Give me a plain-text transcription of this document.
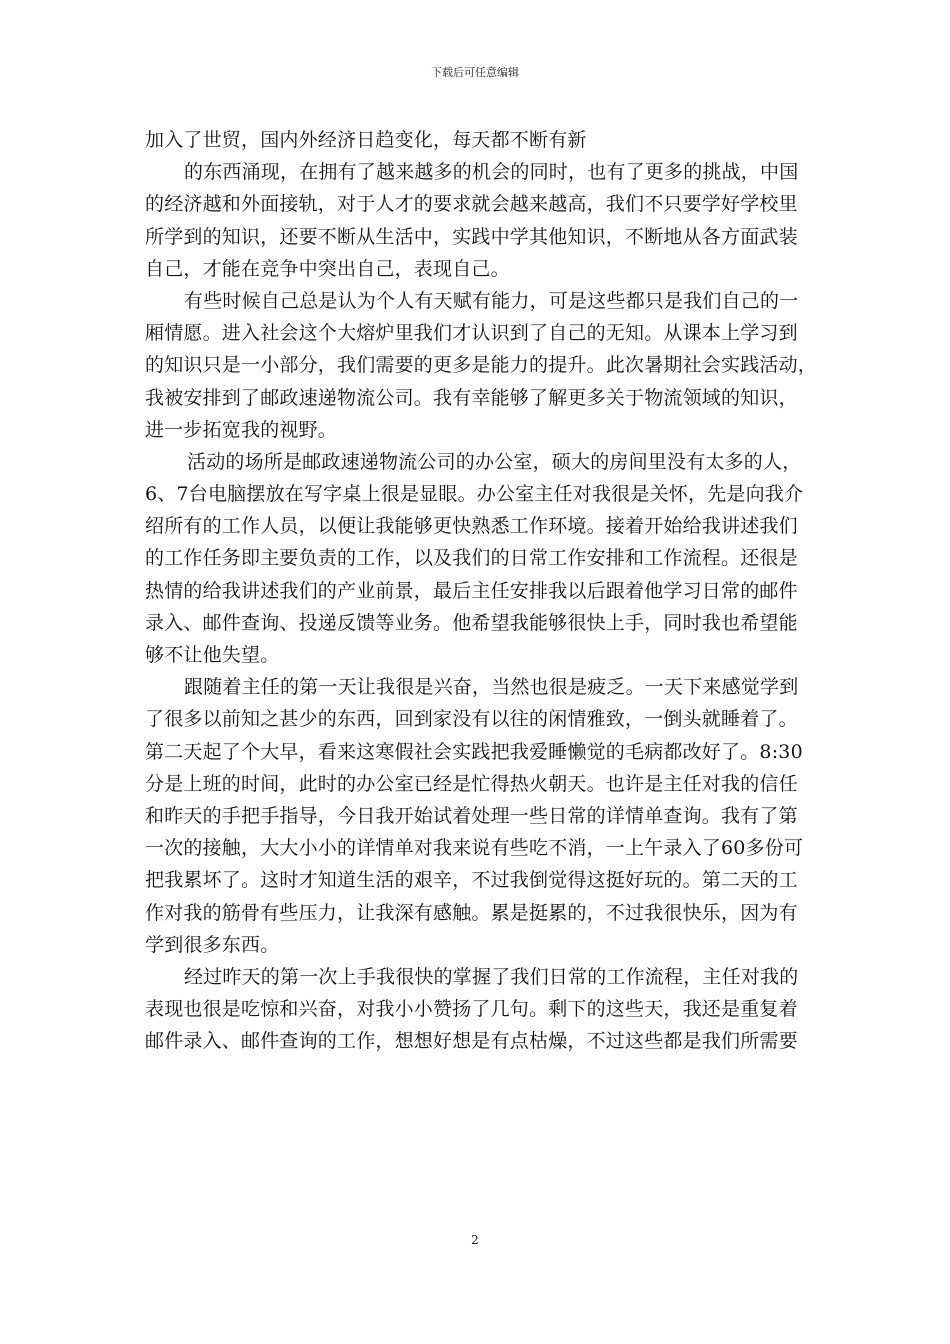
下载后可任意编辑
加入了世贸，国内外经济日趋变化，每天都不断有新
的东西涌现，在拥有了越来越多的机会的同时，也有了更多的挑战，中国
的经济越和外面接轨，对于人才的要求就会越来越高，我们不只要学好学校里
所学到的知识，还要不断从生活中，实践中学其他知识，不断地从各方面武装
自己，才能在竞争中突出自己，表现自己。
有些时候自己总是认为个人有天赋有能力，可是这些都只是我们自己的一
厢情愿。进入社会这个大熔炉里我们才认识到了自己的无知。从课本上学习到
的知识只是一小部分，我们需要的更多是能力的提升。此次暑期社会实践活动，
我被安排到了邮政速递物流公司。我有幸能够了解更多关于物流领域的知识，
进一步拓宽我的视野。
活动的场所是邮政速递物流公司的办公室，硕大的房间里没有太多的人，
6、7台电脑摆放在写字桌上很是显眼。办公室主任对我很是关怀，先是向我介
绍所有的工作人员，以便让我能够更快熟悉工作环境。接着开始给我讲述我们
的工作任务即主要负责的工作，以及我们的日常工作安排和工作流程。还很是
热情的给我讲述我们的产业前景，最后主任安排我以后跟着他学习日常的邮件
录入、邮件查询、投递反馈等业务。他希望我能够很快上手，同时我也希望能
够不让他失望。
跟随着主任的第一天让我很是兴奋，当然也很是疲乏。一天下来感觉学到
了很多以前知之甚少的东西，回到家没有以往的闲情雅致，一倒头就睡着了。
第二天起了个大早，看来这寒假社会实践把我爱睡懒觉的毛病都改好了。8:30
分是上班的时间，此时的办公室已经是忙得热火朝天。也许是主任对我的信任
和昨天的手把手指导，今日我开始试着处理一些日常的详情单查询。我有了第
一次的接触，大大小小的详情单对我来说有些吃不消，一上午录入了60多份可
把我累坏了。这时才知道生活的艰辛，不过我倒觉得这挺好玩的。第二天的工
作对我的筋骨有些压力，让我深有感触。累是挺累的，不过我很快乐，因为有
学到很多东西。
经过昨天的第一次上手我很快的掌握了我们日常的工作流程，主任对我的
表现也很是吃惊和兴奋，对我小小赞扬了几句。剩下的这些天，我还是重复着
邮件录入、邮件查询的工作，想想好想是有点枯燥，不过这些都是我们所需要
2
